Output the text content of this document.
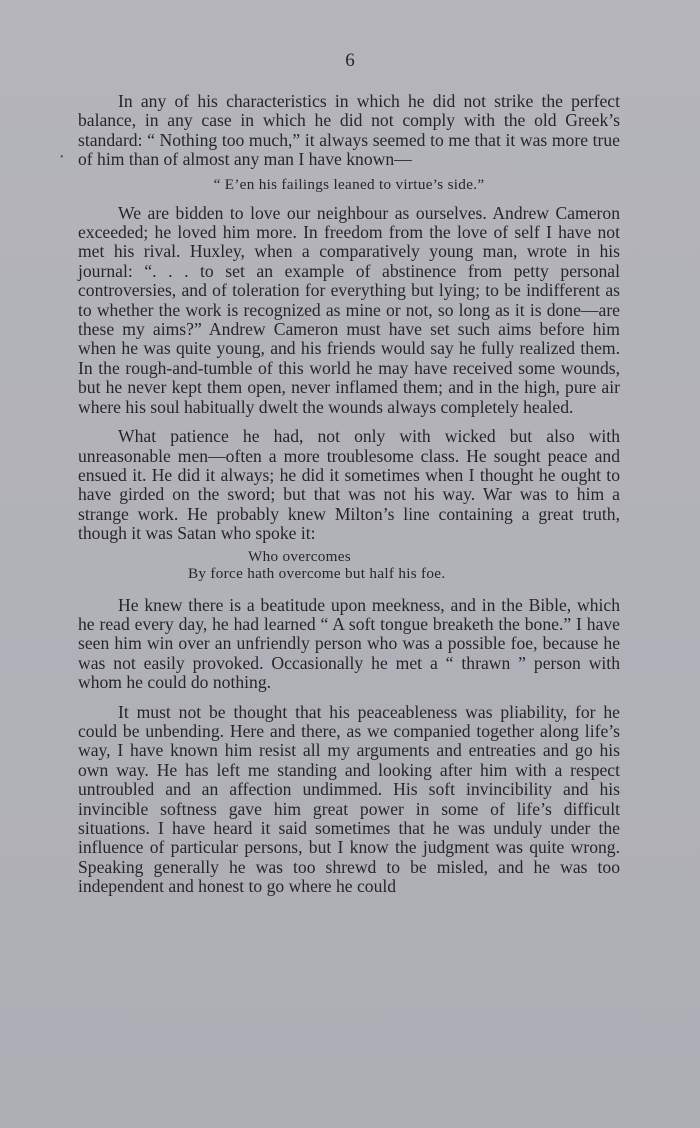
6
•

In any of his characteristics in which he did not strike the perfect balance, in any case in which he did not comply with the old Greek’s standard: “ Nothing too much,” it always seemed to me that it was more true of him than of almost any man I have known—

“ E’en his failings leaned to virtue’s side.”

We are bidden to love our neighbour as ourselves. Andrew Cameron exceeded; he loved him more. In freedom from the love of self I have not met his rival. Huxley, when a comparatively young man, wrote in his journal: “. . . to set an example of abstinence from petty personal controversies, and of toleration for everything but lying; to be indifferent as to whether the work is recognized as mine or not, so long as it is done—are these my aims?” Andrew Cameron must have set such aims before him when he was quite young, and his friends would say he fully realized them. In the rough-and-tumble of this world he may have received some wounds, but he never kept them open, never inflamed them; and in the high, pure air where his soul habitually dwelt the wounds always completely healed.

What patience he had, not only with wicked but also with unreasonable men—often a more troublesome class. He sought peace and ensued it. He did it always; he did it sometimes when I thought he ought to have girded on the sword; but that was not his way. War was to him a strange work. He probably knew Milton’s line containing a great truth, though it was Satan who spoke it:

Who overcomes
By force hath overcome but half his foe.

He knew there is a beatitude upon meekness, and in the Bible, which he read every day, he had learned “ A soft tongue breaketh the bone.” I have seen him win over an unfriendly person who was a possible foe, because he was not easily provoked. Occasionally he met a “ thrawn ” person with whom he could do nothing.

It must not be thought that his peaceableness was pliability, for he could be unbending. Here and there, as we companied together along life’s way, I have known him resist all my arguments and entreaties and go his own way. He has left me standing and looking after him with a respect untroubled and an affection undimmed. His soft invincibility and his invincible softness gave him great power in some of life’s difficult situations. I have heard it said sometimes that he was unduly under the influence of particular persons, but I know the judgment was quite wrong. Speaking generally he was too shrewd to be misled, and he was too independent and honest to go where he could
